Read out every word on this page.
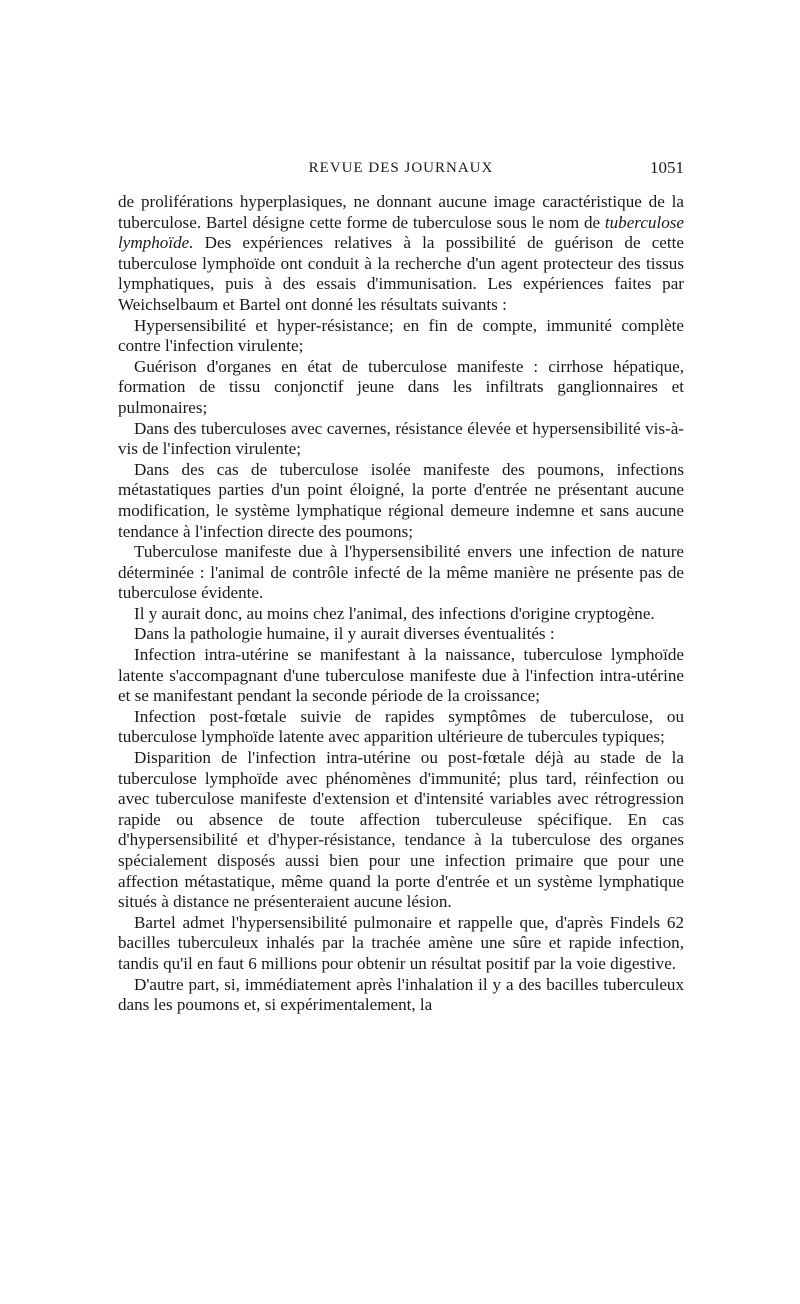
REVUE DES JOURNAUX	1051

de proliférations hyperplasiques, ne donnant aucune image caractéristique de la tuberculose. Bartel désigne cette forme de tuberculose sous le nom de tuberculose lymphoïde. Des expériences relatives à la possibilité de guérison de cette tuberculose lymphoïde ont conduit à la recherche d'un agent protecteur des tissus lymphatiques, puis à des essais d'immunisation. Les expériences faites par Weichselbaum et Bartel ont donné les résultats suivants :

Hypersensibilité et hyper-résistance; en fin de compte, immunité complète contre l'infection virulente;

Guérison d'organes en état de tuberculose manifeste : cirrhose hépatique, formation de tissu conjonctif jeune dans les infiltrats ganglionnaires et pulmonaires;

Dans des tuberculoses avec cavernes, résistance élevée et hypersensibilité vis-à-vis de l'infection virulente;

Dans des cas de tuberculose isolée manifeste des poumons, infections métastatiques parties d'un point éloigné, la porte d'entrée ne présentant aucune modification, le système lymphatique régional demeure indemne et sans aucune tendance à l'infection directe des poumons;

Tuberculose manifeste due à l'hypersensibilité envers une infection de nature déterminée : l'animal de contrôle infecté de la même manière ne présente pas de tuberculose évidente.

Il y aurait donc, au moins chez l'animal, des infections d'origine cryptogène.

Dans la pathologie humaine, il y aurait diverses éventualités :

Infection intra-utérine se manifestant à la naissance, tuberculose lymphoïde latente s'accompagnant d'une tuberculose manifeste due à l'infection intra-utérine et se manifestant pendant la seconde période de la croissance;

Infection post-fœtale suivie de rapides symptômes de tuberculose, ou tuberculose lymphoïde latente avec apparition ultérieure de tubercules typiques;

Disparition de l'infection intra-utérine ou post-fœtale déjà au stade de la tuberculose lymphoïde avec phénomènes d'immunité; plus tard, réinfection ou avec tuberculose manifeste d'extension et d'intensité variables avec rétrogression rapide ou absence de toute affection tuberculeuse spécifique. En cas d'hypersensibilité et d'hyper-résistance, tendance à la tuberculose des organes spécialement disposés aussi bien pour une infection primaire que pour une affection métastatique, même quand la porte d'entrée et un système lymphatique situés à distance ne présenteraient aucune lésion.

Bartel admet l'hypersensibilité pulmonaire et rappelle que, d'après Findels 62 bacilles tuberculeux inhalés par la trachée amène une sûre et rapide infection, tandis qu'il en faut 6 millions pour obtenir un résultat positif par la voie digestive.

D'autre part, si, immédiatement après l'inhalation il y a des bacilles tuberculeux dans les poumons et, si expérimentalement, la
